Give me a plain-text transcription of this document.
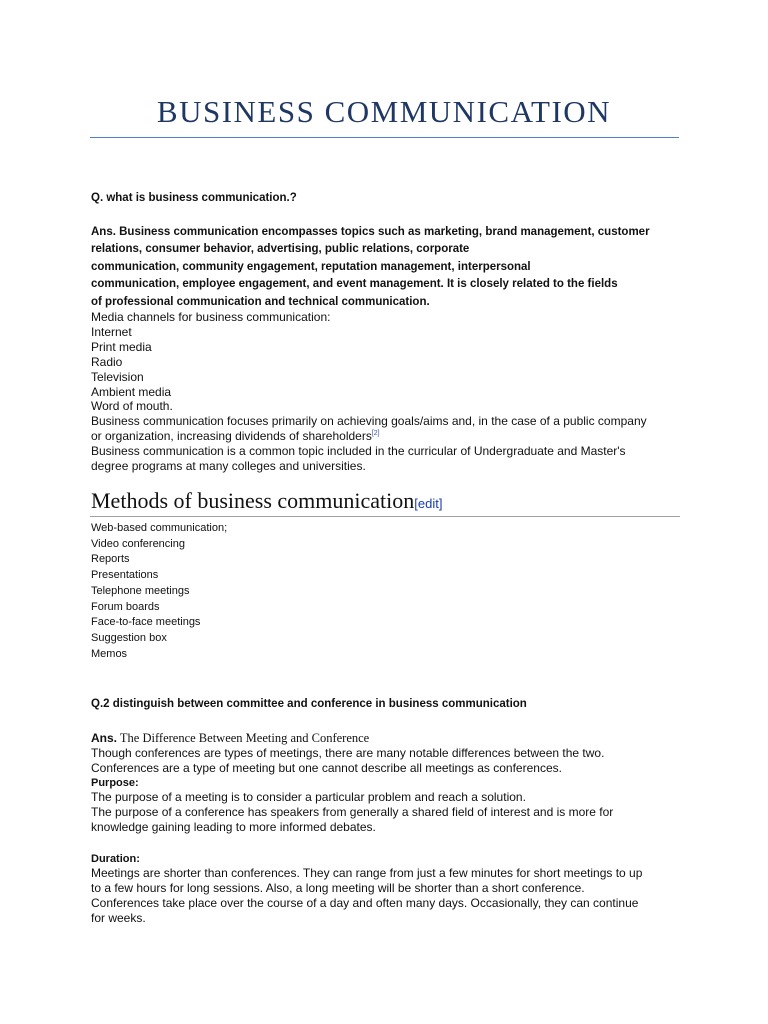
BUSINESS COMMUNICATION
Q. what is business communication.?
Ans. Business communication encompasses topics such as marketing, brand management, customer
relations, consumer behavior, advertising, public relations, corporate
communication, community engagement, reputation management, interpersonal
communication, employee engagement, and event management. It is closely related to the fields
of professional communication and technical communication.
Media channels for business communication:
Internet
Print media
Radio
Television
Ambient media
Word of mouth.
Business communication focuses primarily on achieving goals/aims and, in the case of a public company
or organization, increasing dividends of shareholders[2]
Business communication is a common topic included in the curricular of Undergraduate and Master's
degree programs at many colleges and universities.
Methods of business communication[edit]
Web-based communication;
Video conferencing
Reports
Presentations
Telephone meetings
Forum boards
Face-to-face meetings
Suggestion box
Memos
Q.2 distinguish between committee and conference in business communication
Ans. The Difference Between Meeting and Conference
Though conferences are types of meetings, there are many notable differences between the two.
Conferences are a type of meeting but one cannot describe all meetings as conferences.
Purpose:
The purpose of a meeting is to consider a particular problem and reach a solution.
The purpose of a conference has speakers from generally a shared field of interest and is more for
knowledge gaining leading to more informed debates.
Duration:
Meetings are shorter than conferences. They can range from just a few minutes for short meetings to up
to a few hours for long sessions. Also, a long meeting will be shorter than a short conference.
Conferences take place over the course of a day and often many days. Occasionally, they can continue
for weeks.
